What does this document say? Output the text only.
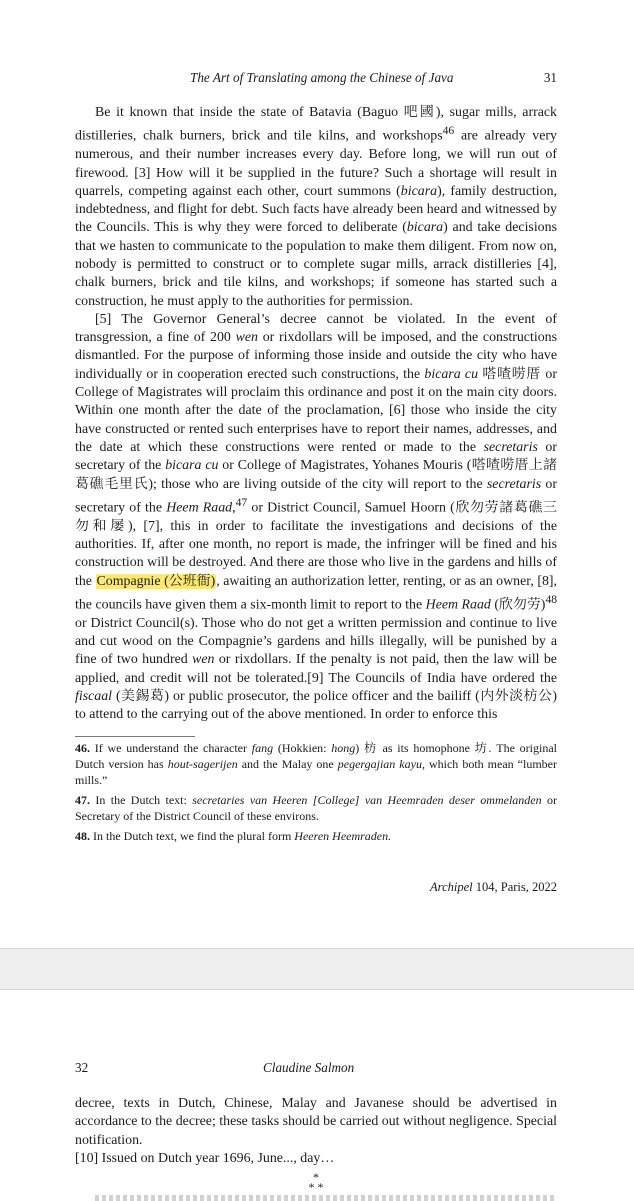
The Art of Translating among the Chinese of Java	31

Be it known that inside the state of Batavia (Baguo 吧國), sugar mills, arrack distilleries, chalk burners, brick and tile kilns, and workshops$^{46}$ are already very numerous, and their number increases every day. Before long, we will run out of firewood. [3] How will it be supplied in the future? Such a shortage will result in quarrels, competing against each other, court summons (bicara), family destruction, indebtedness, and flight for debt. Such facts have already been heard and witnessed by the Councils. This is why they were forced to deliberate (bicara) and take decisions that we hasten to communicate to the population to make them diligent. From now on, nobody is permitted to construct or to complete sugar mills, arrack distilleries [4], chalk burners, brick and tile kilns, and workshops; if someone has started such a construction, he must apply to the authorities for permission.

[5] The Governor General’s decree cannot be violated. In the event of transgression, a fine of 200 wen or rixdollars will be imposed, and the constructions dismantled. For the purpose of informing those inside and outside the city who have individually or in cooperation erected such constructions, the bicara cu 嗒喳唠厝 or College of Magistrates will proclaim this ordinance and post it on the main city doors. Within one month after the date of the proclamation, [6] those who inside the city have constructed or rented such enterprises have to report their names, addresses, and the date at which these constructions were rented or made to the secretaris or secretary of the bicara cu or College of Magistrates, Yohanes Mouris (嗒喳唠厝上諸葛礁毛里氏); those who are living outside of the city will report to the secretaris or secretary of the Heem Raad,$^{47}$ or District Council, Samuel Hoorn (欣勿劳諸葛礁三勿和屡), [7], this in order to facilitate the investigations and decisions of the authorities. If, after one month, no report is made, the infringer will be fined and his construction will be destroyed. And there are those who live in the gardens and hills of the Compagnie (公班衙), awaiting an authorization letter, renting, or as an owner, [8], the councils have given them a six-month limit to report to the Heem Raad (欣勿劳)$^{48}$ or District Council(s). Those who do not get a written permission and continue to live and cut wood on the Compagnie’s gardens and hills illegally, will be punished by a fine of two hundred wen or rixdollars. If the penalty is not paid, then the law will be applied, and credit will not be tolerated.[9] The Councils of India have ordered the fiscaal (美錫葛) or public prosecutor, the police officer and the bailiff (内外淡枋公) to attend to the carrying out of the above mentioned. In order to enforce this

46. If we understand the character fang (Hokkien: hong) 枋 as its homophone 坊. The original Dutch version has hout-sagerijen and the Malay one pegergajian kayu, which both mean “lumber mills.”

47. In the Dutch text: secretaries van Heeren [College] van Heemraden deser ommelanden or Secretary of the District Council of these environs.

48. In the Dutch text, we find the plural form Heeren Heemraden.

Archipel 104, Paris, 2022
32	Claudine Salmon

decree, texts in Dutch, Chinese, Malay and Javanese should be advertised in accordance to the decree; these tasks should be carried out without negligence. Special notification.

[10] Issued on Dutch year 1696, June..., day…

*
* *
